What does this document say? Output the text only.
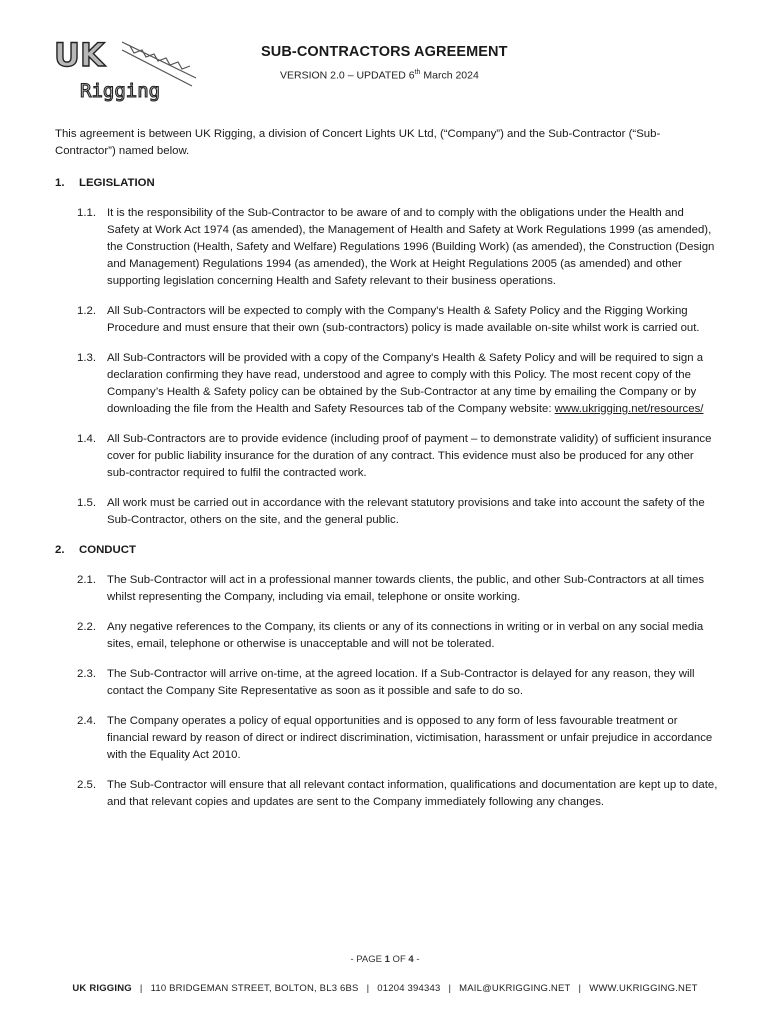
UK
Rigging
SUB-CONTRACTORS AGREEMENT
VERSION 2.0 – UPDATED 6th March 2024

This agreement is between UK Rigging, a division of Concert Lights UK Ltd, (“Company”) and the Sub-Contractor (“Sub-Contractor”) named below.

1.	LEGISLATION
1.1. It is the responsibility of the Sub-Contractor to be aware of and to comply with the obligations under the Health and Safety at Work Act 1974 (as amended), the Management of Health and Safety at Work Regulations 1999 (as amended), the Construction (Health, Safety and Welfare) Regulations 1996 (Building Work) (as amended), the Construction (Design and Management) Regulations 1994 (as amended), the Work at Height Regulations 2005 (as amended) and other supporting legislation concerning Health and Safety relevant to their business operations.
1.2. All Sub-Contractors will be expected to comply with the Company's Health & Safety Policy and the Rigging Working Procedure and must ensure that their own (sub-contractors) policy is made available on-site whilst work is carried out.
1.3. All Sub-Contractors will be provided with a copy of the Company's Health & Safety Policy and will be required to sign a declaration confirming they have read, understood and agree to comply with this Policy. The most recent copy of the Company’s Health & Safety policy can be obtained by the Sub-Contractor at any time by emailing the Company or by downloading the file from the Health and Safety Resources tab of the Company website: www.ukrigging.net/resources/
1.4. All Sub-Contractors are to provide evidence (including proof of payment – to demonstrate validity) of sufficient insurance cover for public liability insurance for the duration of any contract. This evidence must also be produced for any other sub-contractor required to fulfil the contracted work.
1.5. All work must be carried out in accordance with the relevant statutory provisions and take into account the safety of the Sub-Contractor, others on the site, and the general public.
2.	CONDUCT
2.1. The Sub-Contractor will act in a professional manner towards clients, the public, and other Sub-Contractors at all times whilst representing the Company, including via email, telephone or onsite working.
2.2. Any negative references to the Company, its clients or any of its connections in writing or in verbal on any social media sites, email, telephone or otherwise is unacceptable and will not be tolerated.
2.3. The Sub-Contractor will arrive on-time, at the agreed location. If a Sub-Contractor is delayed for any reason, they will contact the Company Site Representative as soon as it possible and safe to do so.
2.4. The Company operates a policy of equal opportunities and is opposed to any form of less favourable treatment or financial reward by reason of direct or indirect discrimination, victimisation, harassment or unfair prejudice in accordance with the Equality Act 2010.
2.5. The Sub-Contractor will ensure that all relevant contact information, qualifications and documentation are kept up to date, and that relevant copies and updates are sent to the Company immediately following any changes.
- PAGE 1 OF 4 -
UK RIGGING | 110 BRIDGEMAN STREET, BOLTON, BL3 6BS | 01204 394343 | MAIL@UKRIGGING.NET | WWW.UKRIGGING.NET
